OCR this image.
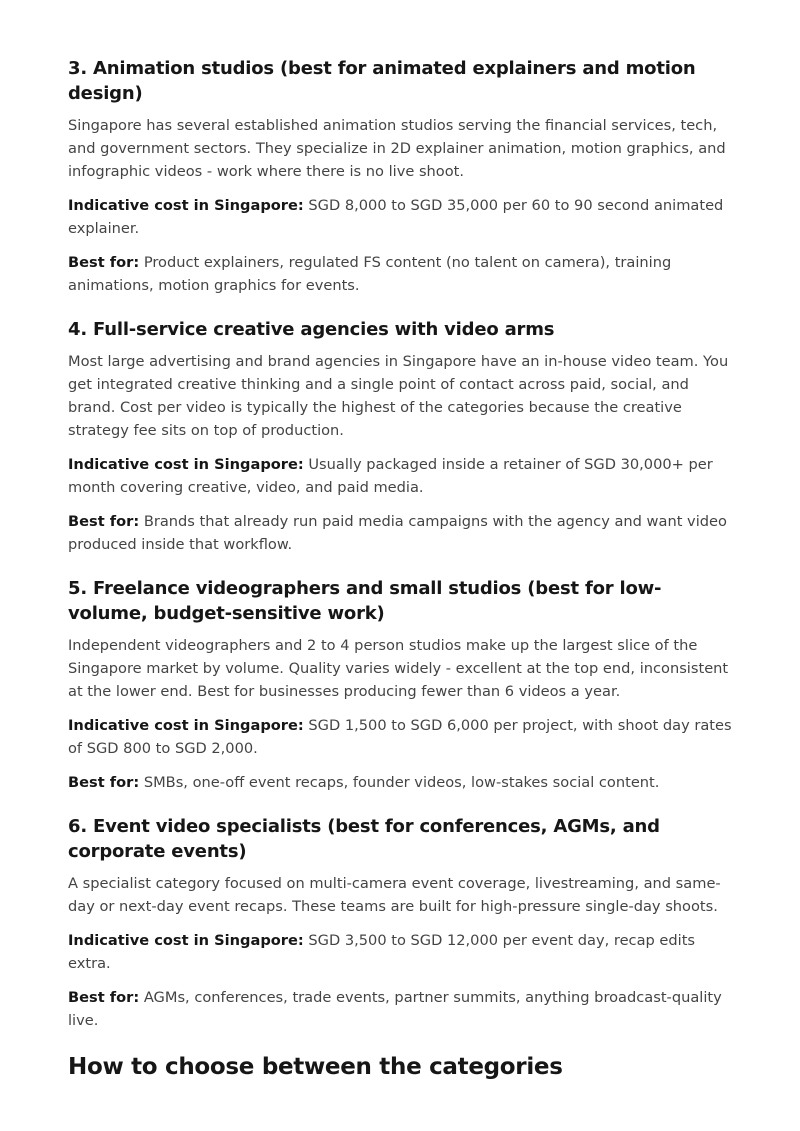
3. Animation studios (best for animated explainers and motion design)

Singapore has several established animation studios serving the financial services, tech, and government sectors. They specialize in 2D explainer animation, motion graphics, and infographic videos - work where there is no live shoot.

Indicative cost in Singapore: SGD 8,000 to SGD 35,000 per 60 to 90 second animated explainer.

Best for: Product explainers, regulated FS content (no talent on camera), training animations, motion graphics for events.

4. Full-service creative agencies with video arms

Most large advertising and brand agencies in Singapore have an in-house video team. You get integrated creative thinking and a single point of contact across paid, social, and brand. Cost per video is typically the highest of the categories because the creative strategy fee sits on top of production.

Indicative cost in Singapore: Usually packaged inside a retainer of SGD 30,000+ per month covering creative, video, and paid media.

Best for: Brands that already run paid media campaigns with the agency and want video produced inside that workflow.

5. Freelance videographers and small studios (best for low-volume, budget-sensitive work)

Independent videographers and 2 to 4 person studios make up the largest slice of the Singapore market by volume. Quality varies widely - excellent at the top end, inconsistent at the lower end. Best for businesses producing fewer than 6 videos a year.

Indicative cost in Singapore: SGD 1,500 to SGD 6,000 per project, with shoot day rates of SGD 800 to SGD 2,000.

Best for: SMBs, one-off event recaps, founder videos, low-stakes social content.

6. Event video specialists (best for conferences, AGMs, and corporate events)

A specialist category focused on multi-camera event coverage, livestreaming, and same-day or next-day event recaps. These teams are built for high-pressure single-day shoots.

Indicative cost in Singapore: SGD 3,500 to SGD 12,000 per event day, recap edits extra.

Best for: AGMs, conferences, trade events, partner summits, anything broadcast-quality live.

How to choose between the categories
